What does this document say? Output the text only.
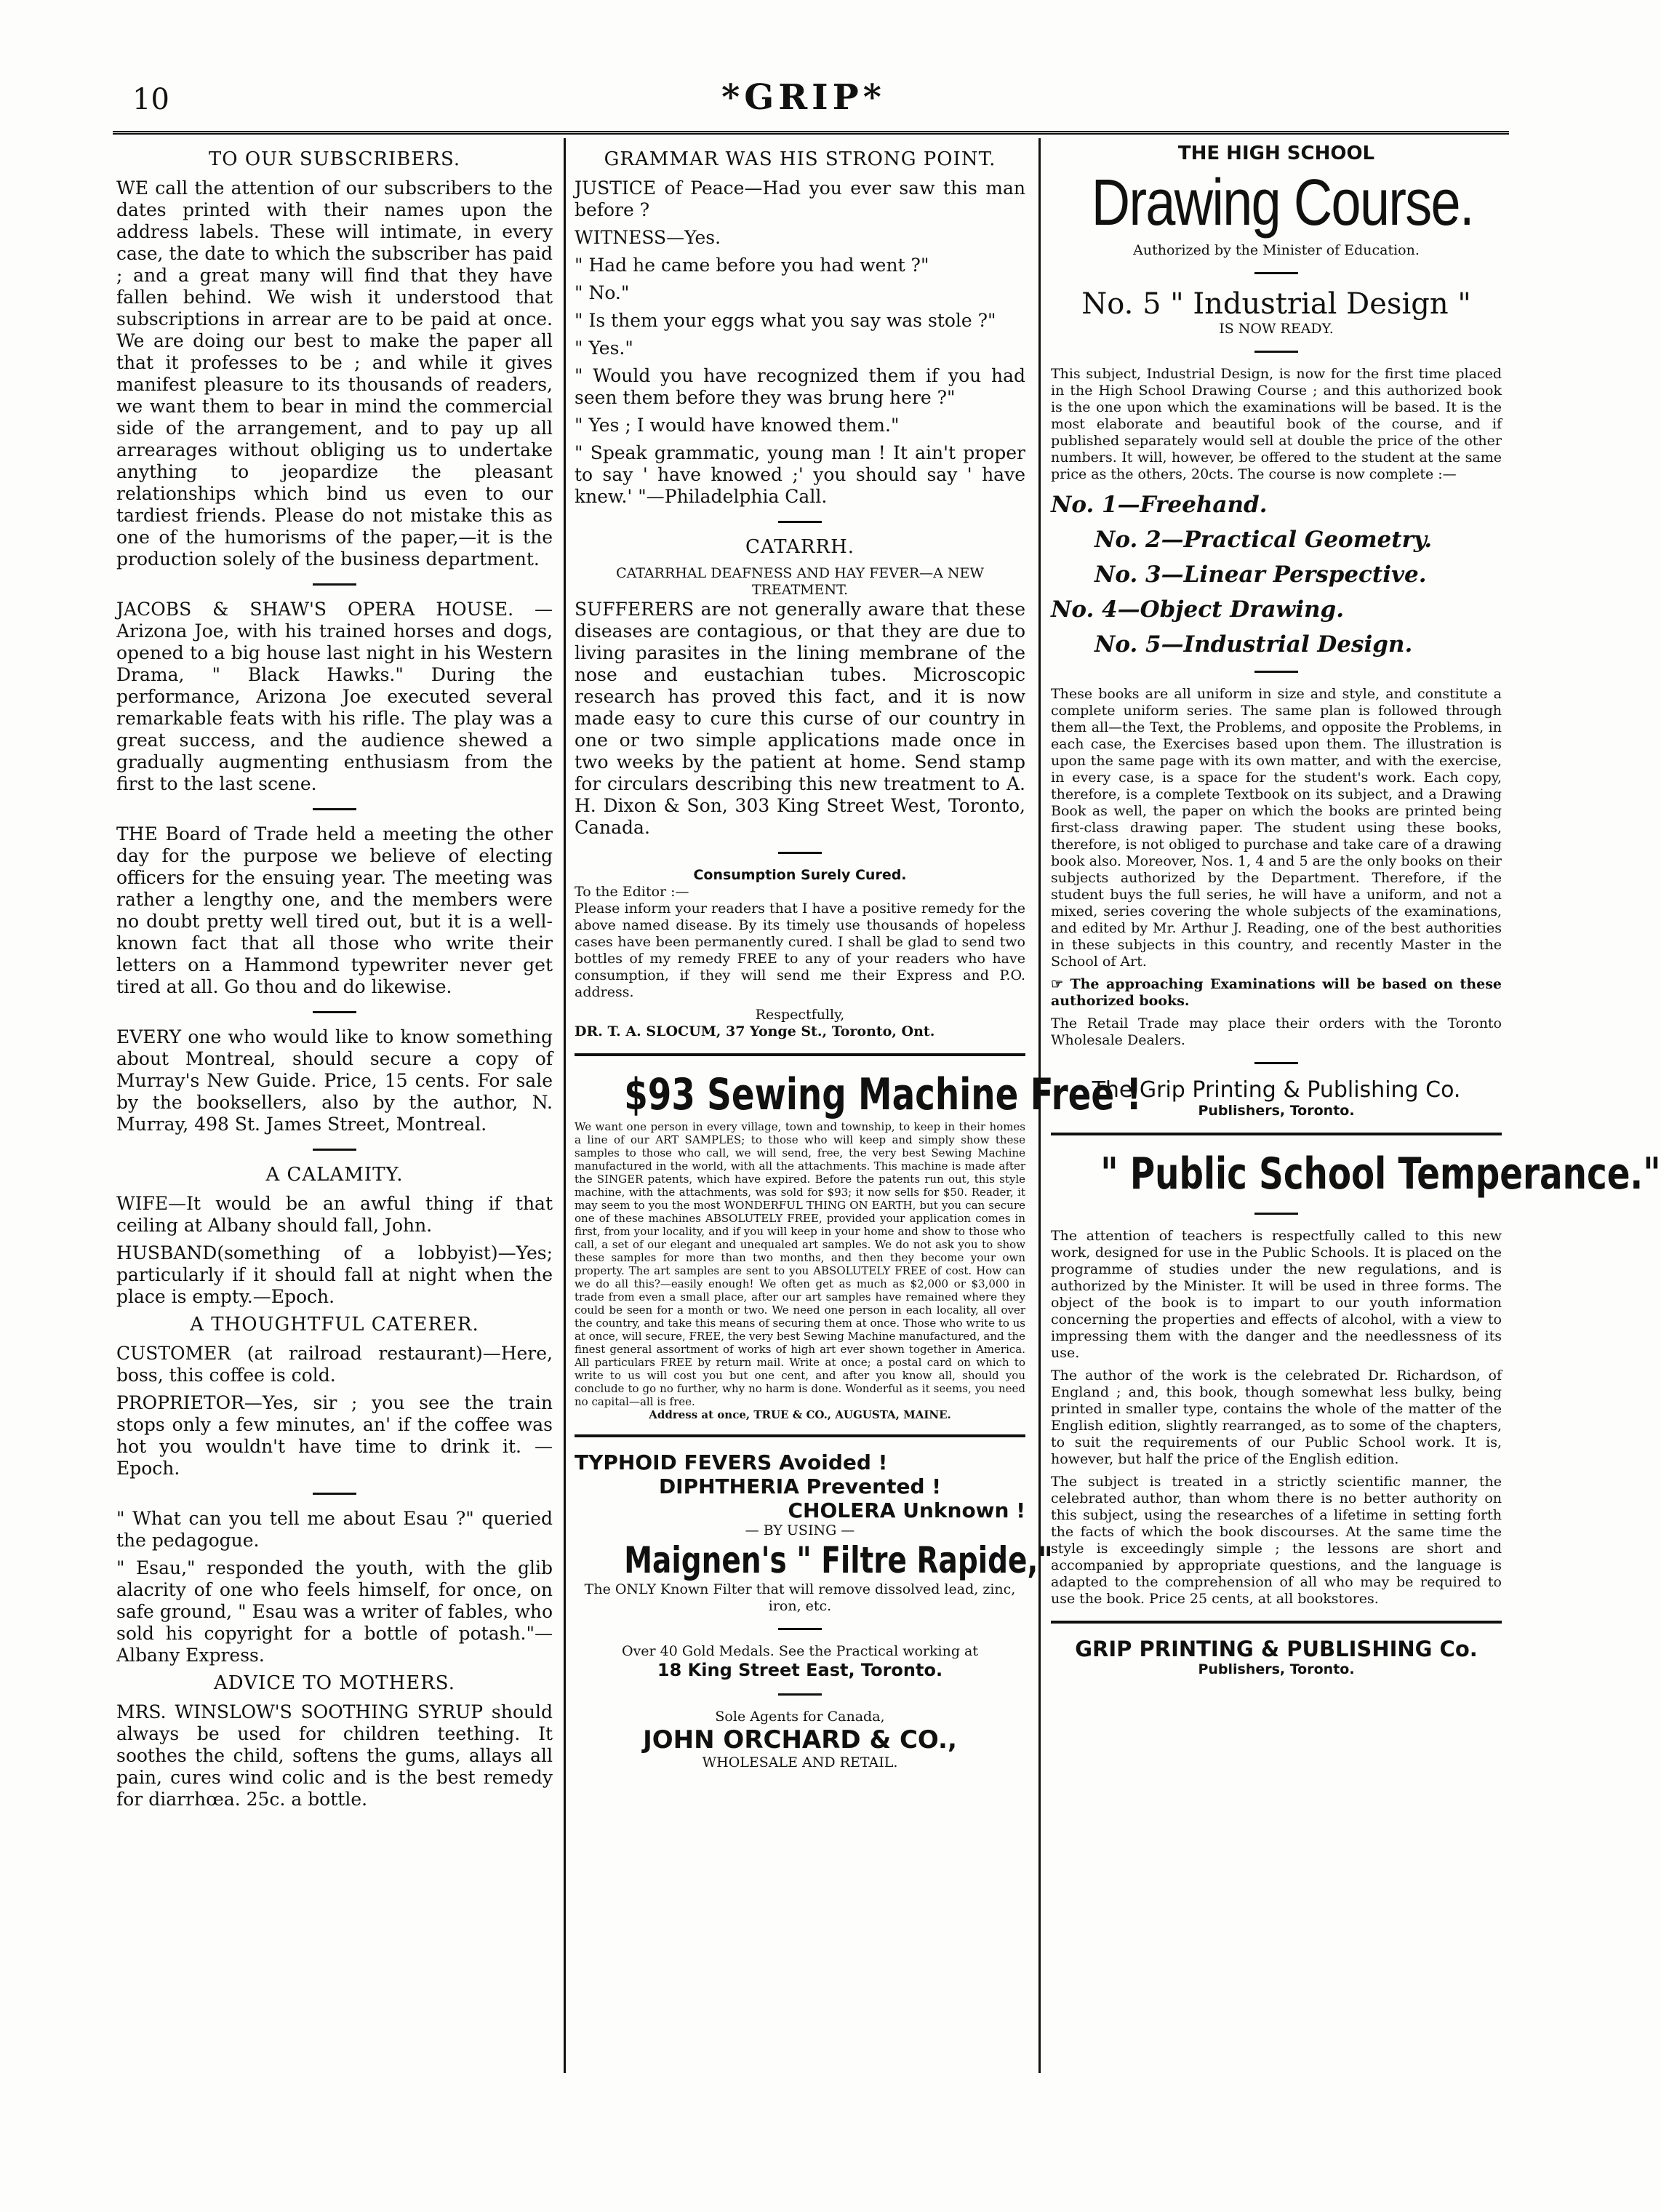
10	*GRIP*
TO OUR SUBSCRIBERS.

WE call the attention of our subscribers to the dates printed with their names upon the address labels. These will intimate, in every case, the date to which the subscriber has paid ; and a great many will find that they have fallen behind. We wish it understood that subscriptions in arrear are to be paid at once. We are doing our best to make the paper all that it professes to be ; and while it gives manifest pleasure to its thousands of readers, we want them to bear in mind the commercial side of the arrangement, and to pay up all arrearages without obliging us to undertake anything to jeopardize the pleasant relationships which bind us even to our tardiest friends. Please do not mistake this as one of the humorisms of the paper,—it is the production solely of the business department.

JACOBS & SHAW'S OPERA HOUSE. — Arizona Joe, with his trained horses and dogs, opened to a big house last night in his Western Drama, " Black Hawks." During the performance, Arizona Joe executed several remarkable feats with his rifle. The play was a great success, and the audience shewed a gradually augmenting enthusiasm from the first to the last scene.

THE Board of Trade held a meeting the other day for the purpose we believe of electing officers for the ensuing year. The meeting was rather a lengthy one, and the members were no doubt pretty well tired out, but it is a well-known fact that all those who write their letters on a Hammond typewriter never get tired at all. Go thou and do likewise.

EVERY one who would like to know something about Montreal, should secure a copy of Murray's New Guide. Price, 15 cents. For sale by the booksellers, also by the author, N. Murray, 498 St. James Street, Montreal.

A CALAMITY.

WIFE—It would be an awful thing if that ceiling at Albany should fall, John.

HUSBAND(something of a lobbyist)—Yes; particularly if it should fall at night when the place is empty.—Epoch.

A THOUGHTFUL CATERER.

CUSTOMER (at railroad restaurant)—Here, boss, this coffee is cold.

PROPRIETOR—Yes, sir ; you see the train stops only a few minutes, an' if the coffee was hot you wouldn't have time to drink it. —Epoch.

" What can you tell me about Esau ?" queried the pedagogue.

" Esau," responded the youth, with the glib alacrity of one who feels himself, for once, on safe ground, " Esau was a writer of fables, who sold his copyright for a bottle of potash."—Albany Express.

ADVICE TO MOTHERS.

MRS. WINSLOW'S SOOTHING SYRUP should always be used for children teething. It soothes the child, softens the gums, allays all pain, cures wind colic and is the best remedy for diarrhœa. 25c. a bottle.

GRAMMAR WAS HIS STRONG POINT.

JUSTICE of Peace—Had you ever saw this man before ?

WITNESS—Yes.

" Had he came before you had went ?"

" No."

" Is them your eggs what you say was stole ?"

" Yes."

" Would you have recognized them if you had seen them before they was brung here ?"

" Yes ; I would have knowed them."

" Speak grammatic, young man ! It ain't proper to say ' have knowed ;' you should say ' have knew.' "—Philadelphia Call.

CATARRH.
CATARRHAL DEAFNESS AND HAY FEVER—A NEW TREATMENT.

SUFFERERS are not generally aware that these diseases are contagious, or that they are due to living parasites in the lining membrane of the nose and eustachian tubes. Microscopic research has proved this fact, and it is now made easy to cure this curse of our country in one or two simple applications made once in two weeks by the patient at home. Send stamp for circulars describing this new treatment to A. H. Dixon & Son, 303 King Street West, Toronto, Canada.

Consumption Surely Cured.
To the Editor :—

Please inform your readers that I have a positive remedy for the above named disease. By its timely use thousands of hopeless cases have been permanently cured. I shall be glad to send two bottles of my remedy FREE to any of your readers who have consumption, if they will send me their Express and P.O. address.

Respectfully,
DR. T. A. SLOCUM, 37 Yonge St., Toronto, Ont.
$93 Sewing Machine Free !
We want one person in every village, town and township, to keep in their homes a line of our ART SAMPLES; to those who will keep and simply show these samples to those who call, we will send, free, the very best Sewing Machine manufactured in the world, with all the attachments. This machine is made after the SINGER patents, which have expired. Before the patents run out, this style machine, with the attachments, was sold for $93; it now sells for $50. Reader, it may seem to you the most WONDERFUL THING ON EARTH, but you can secure one of these machines ABSOLUTELY FREE, provided your application comes in first, from your locality, and if you will keep in your home and show to those who call, a set of our elegant and unequaled art samples. We do not ask you to show these samples for more than two months, and then they become your own property. The art samples are sent to you ABSOLUTELY FREE of cost. How can we do all this?—easily enough! We often get as much as $2,000 or $3,000 in trade from even a small place, after our art samples have remained where they could be seen for a month or two. We need one person in each locality, all over the country, and take this means of securing them at once. Those who write to us at once, will secure, FREE, the very best Sewing Machine manufactured, and the finest general assortment of works of high art ever shown together in America. All particulars FREE by return mail. Write at once; a postal card on which to write to us will cost you but one cent, and after you know all, should you conclude to go no further, why no harm is done. Wonderful as it seems, you need no capital—all is free.
Address at once, TRUE & CO., AUGUSTA, MAINE.
TYPHOID FEVERS Avoided !
DIPHTHERIA Prevented !
CHOLERA Unknown !
— BY USING —
Maignen's " Filtre Rapide,"
The ONLY Known Filter that will remove dissolved lead, zinc, iron, etc.
Over 40 Gold Medals. See the Practical working at
18 King Street East, Toronto.
Sole Agents for Canada,
JOHN ORCHARD & CO.,
WHOLESALE AND RETAIL.
THE HIGH SCHOOL
Drawing Course.
Authorized by the Minister of Education.
No. 5 " Industrial Design "
IS NOW READY.

This subject, Industrial Design, is now for the first time placed in the High School Drawing Course ; and this authorized book is the one upon which the examinations will be based. It is the most elaborate and beautiful book of the course, and if published separately would sell at double the price of the other numbers. It will, however, be offered to the student at the same price as the others, 20cts. The course is now complete :—

No. 1—Freehand.
No. 2—Practical Geometry.
No. 3—Linear Perspective.
No. 4—Object Drawing.
No. 5—Industrial Design.

These books are all uniform in size and style, and constitute a complete uniform series. The same plan is followed through them all—the Text, the Problems, and opposite the Problems, in each case, the Exercises based upon them. The illustration is upon the same page with its own matter, and with the exercise, in every case, is a space for the student's work. Each copy, therefore, is a complete Textbook on its subject, and a Drawing Book as well, the paper on which the books are printed being first-class drawing paper. The student using these books, therefore, is not obliged to purchase and take care of a drawing book also. Moreover, Nos. 1, 4 and 5 are the only books on their subjects authorized by the Department. Therefore, if the student buys the full series, he will have a uniform, and not a mixed, series covering the whole subjects of the examinations, and edited by Mr. Arthur J. Reading, one of the best authorities in these subjects in this country, and recently Master in the School of Art.

☞ The approaching Examinations will be based on these authorized books.

The Retail Trade may place their orders with the Toronto Wholesale Dealers.

The Grip Printing & Publishing Co.
Publishers, Toronto.
" Public School Temperance."

The attention of teachers is respectfully called to this new work, designed for use in the Public Schools. It is placed on the programme of studies under the new regulations, and is authorized by the Minister. It will be used in three forms. The object of the book is to impart to our youth information concerning the properties and effects of alcohol, with a view to impressing them with the danger and the needlessness of its use.

The author of the work is the celebrated Dr. Richardson, of England ; and, this book, though somewhat less bulky, being printed in smaller type, contains the whole of the matter of the English edition, slightly rearranged, as to some of the chapters, to suit the requirements of our Public School work. It is, however, but half the price of the English edition.

The subject is treated in a strictly scientific manner, the celebrated author, than whom there is no better authority on this subject, using the researches of a lifetime in setting forth the facts of which the book discourses. At the same time the style is exceedingly simple ; the lessons are short and accompanied by appropriate questions, and the language is adapted to the comprehension of all who may be required to use the book. Price 25 cents, at all bookstores.

GRIP PRINTING & PUBLISHING Co.
Publishers, Toronto.
